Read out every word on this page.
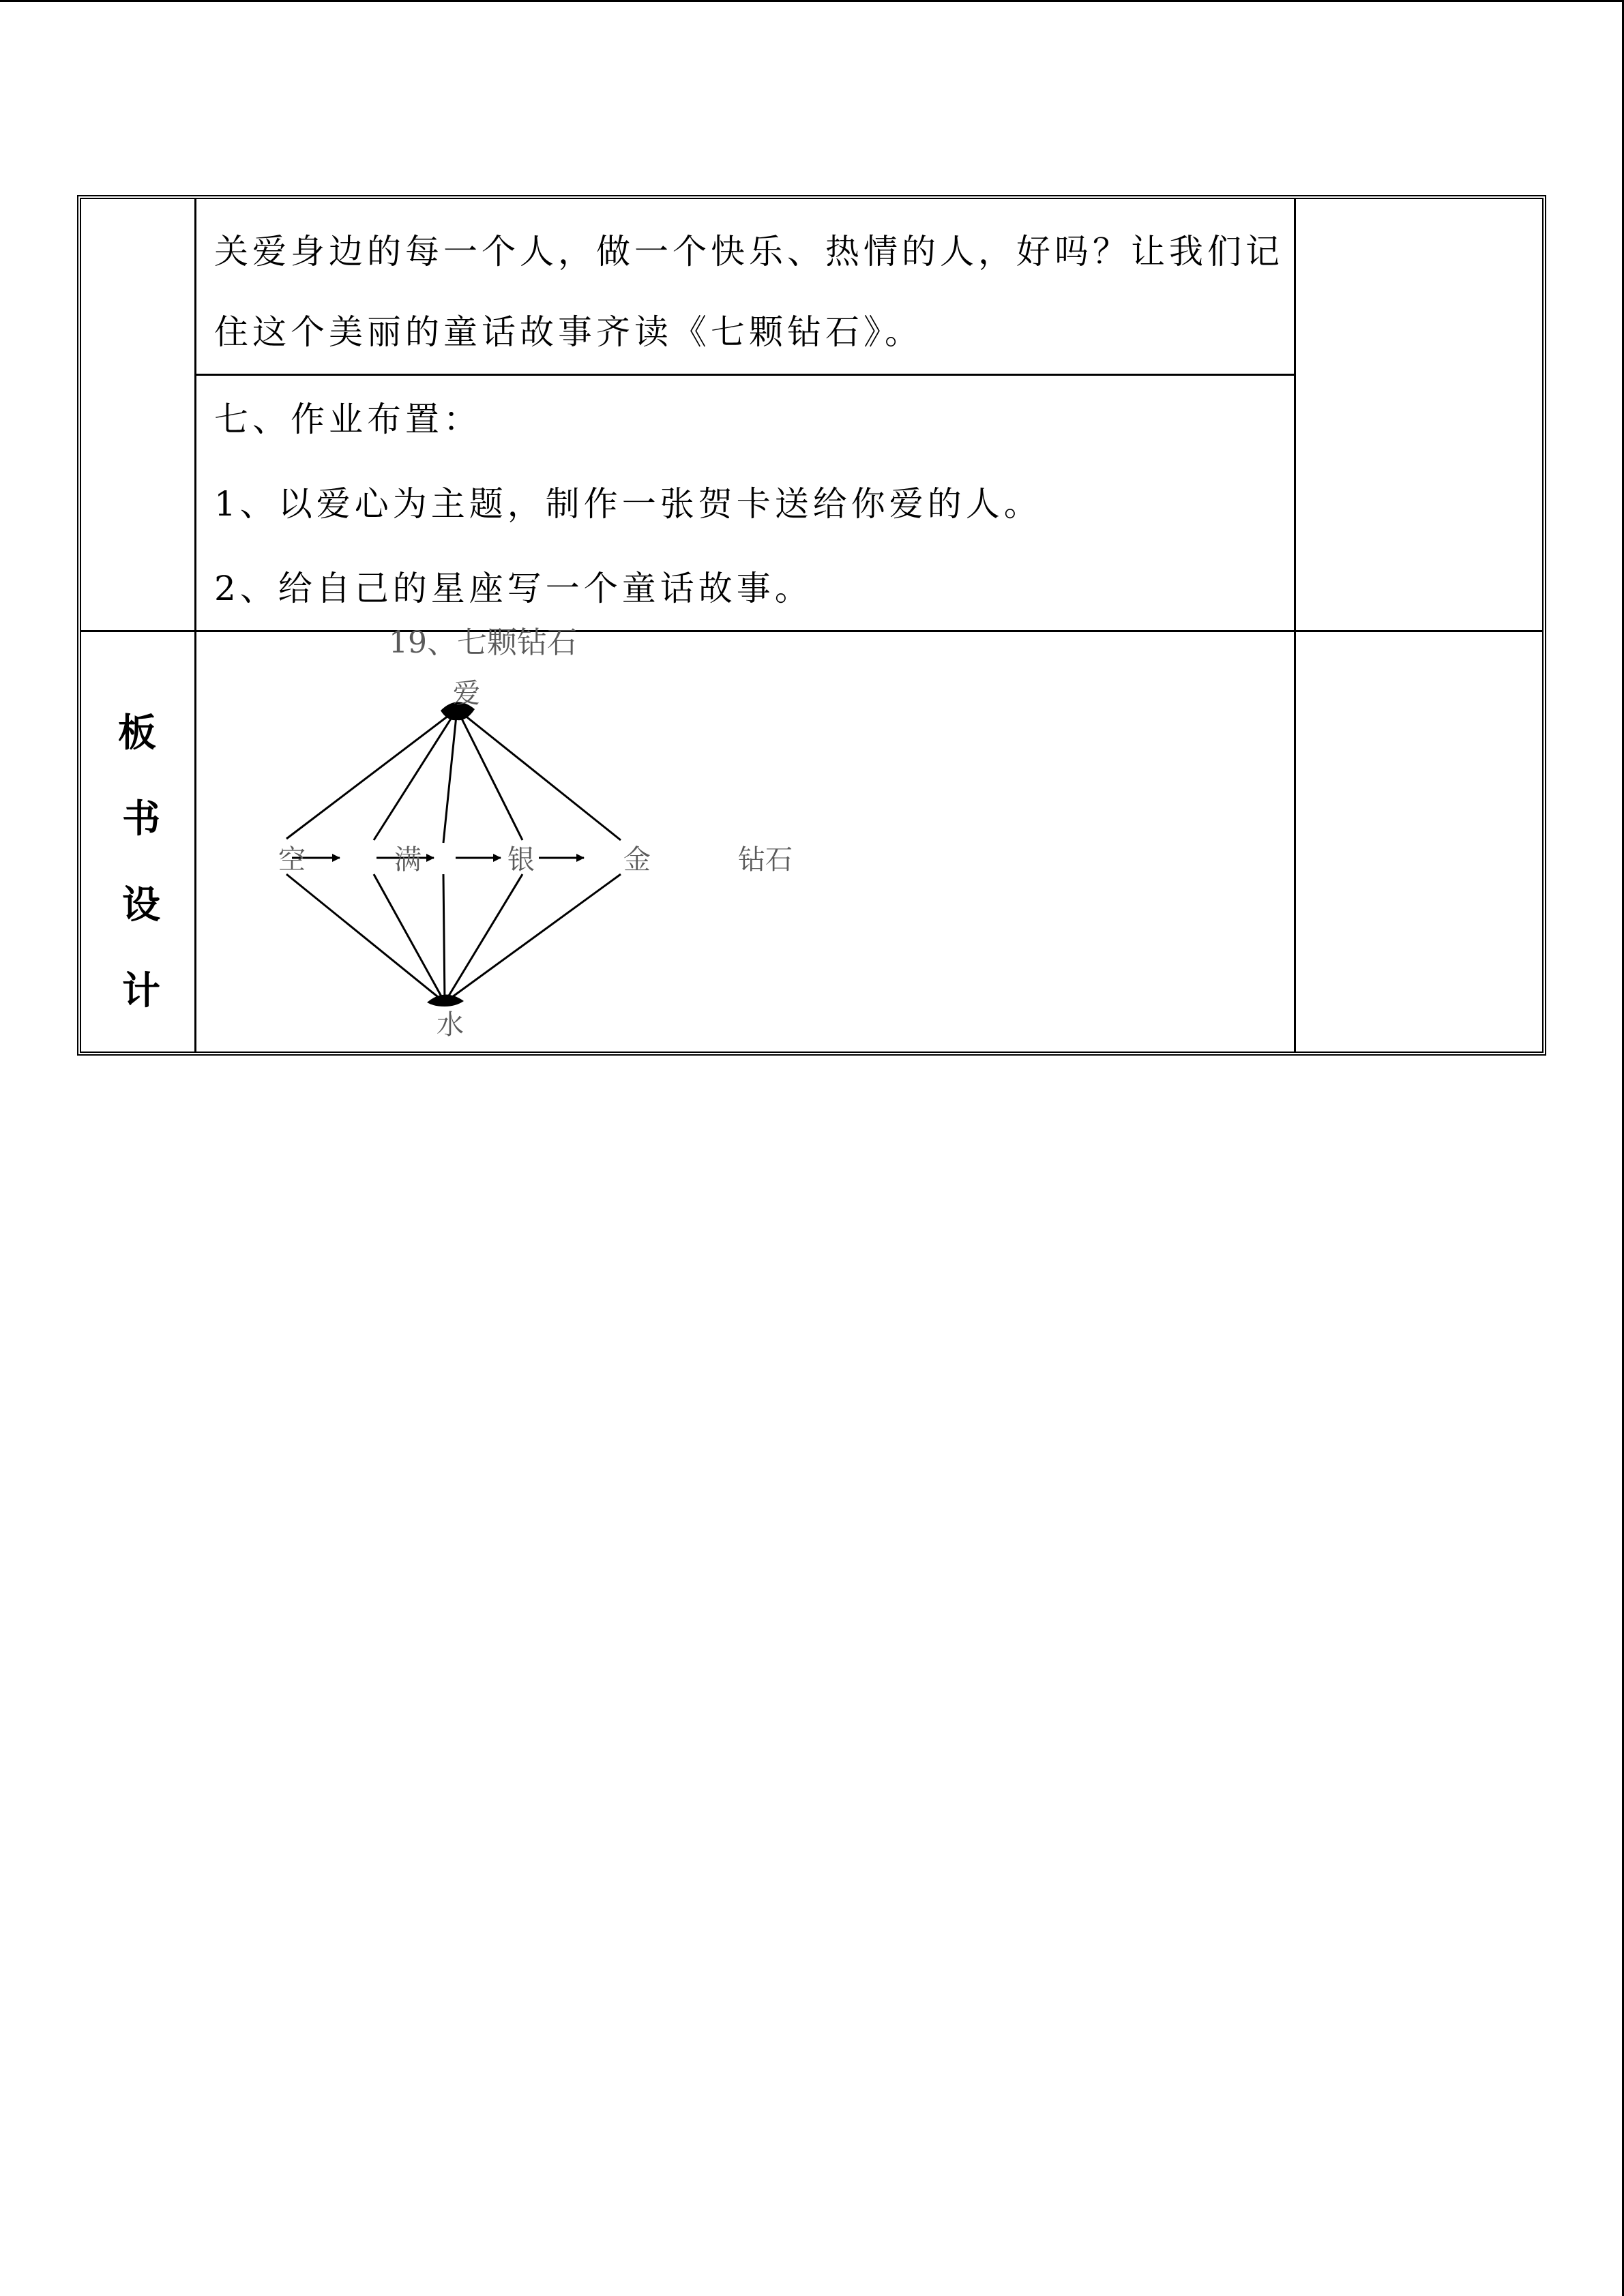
关爱身边的每一个人，做一个快乐、热情的人，好吗？让我们记
住这个美丽的童话故事齐读《七颗钻石》。
七、作业布置：
1、以爱心为主题，制作一张贺卡送给你爱的人。
2、给自己的星座写一个童话故事。
板
书
设
计
19、七颗钻石
爱
水
空	满	银	金	钻石
